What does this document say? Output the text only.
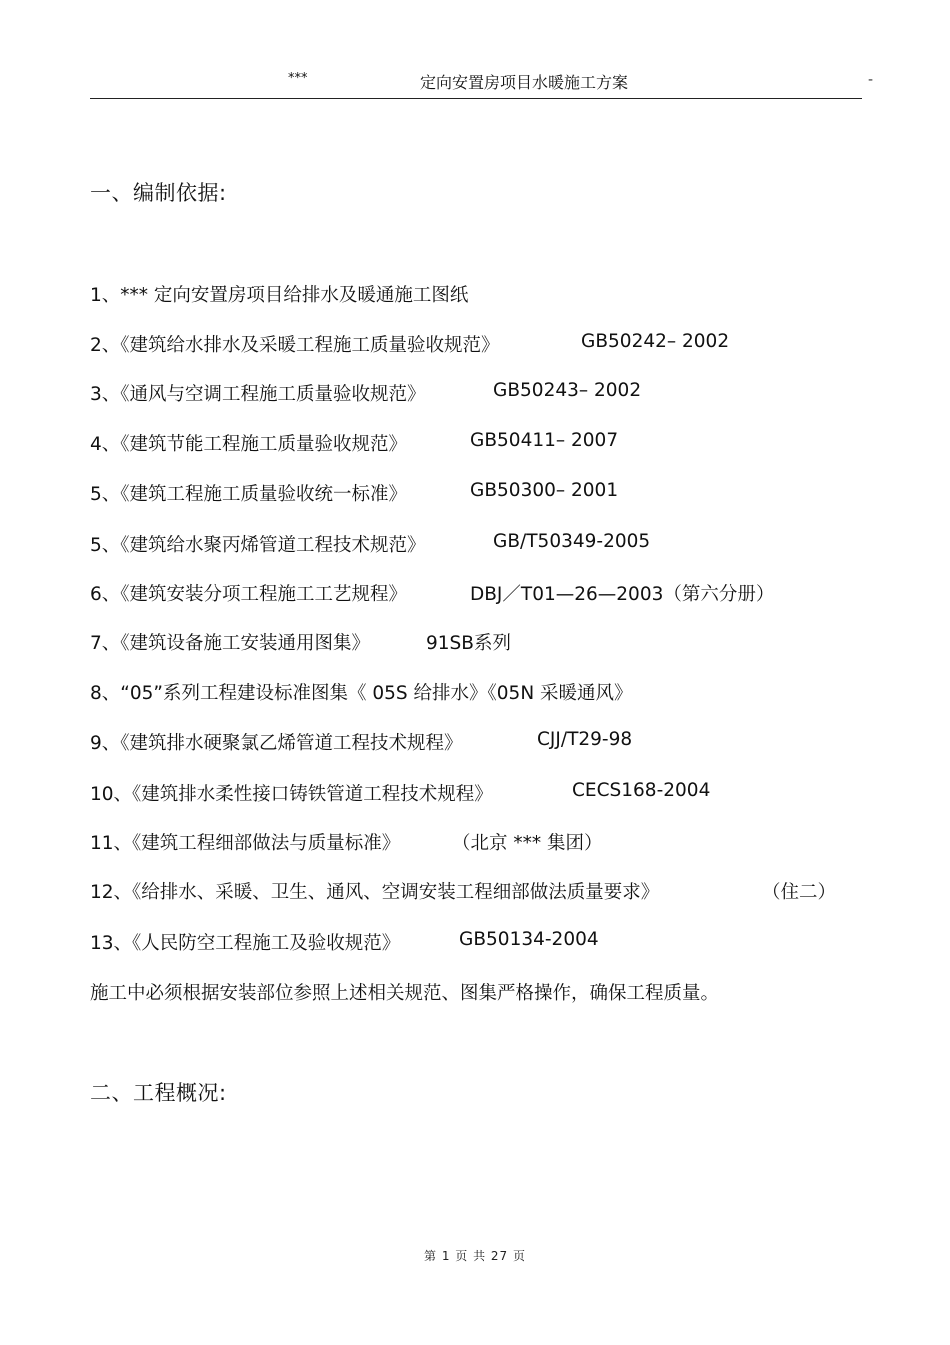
***	定向安置房项目水暖施工方案	-
一、编制依据:
1、*** 定向安置房项目给排水及暖通施工图纸
2、《建筑给水排水及采暖工程施工质量验收规范》	GB50242– 2002
3、《通风与空调工程施工质量验收规范》	GB50243– 2002
4、《建筑节能工程施工质量验收规范》	GB50411– 2007
5、《建筑工程施工质量验收统一标准》	GB50300– 2001
5、《建筑给水聚丙烯管道工程技术规范》	GB/T50349-2005
6、《建筑安装分项工程施工工艺规程》	DBJ／T01—26—2003（第六分册）
7、《建筑设备施工安装通用图集》	91SB系列
8、“05”系列工程建设标准图集《 05S 给排水》《05N 采暖通风》
9、《建筑排水硬聚氯乙烯管道工程技术规程》	CJJ/T29-98
10、《建筑排水柔性接口铸铁管道工程技术规程》	CECS168-2004
11、《建筑工程细部做法与质量标准》	（北京 *** 集团）
12、《给排水、采暖、卫生、通风、空调安装工程细部做法质量要求》	（住二）
13、《人民防空工程施工及验收规范》	GB50134-2004
施工中必须根据安装部位参照上述相关规范、图集严格操作，确保工程质量。
二、工程概况:
第 1 页 共 27 页
